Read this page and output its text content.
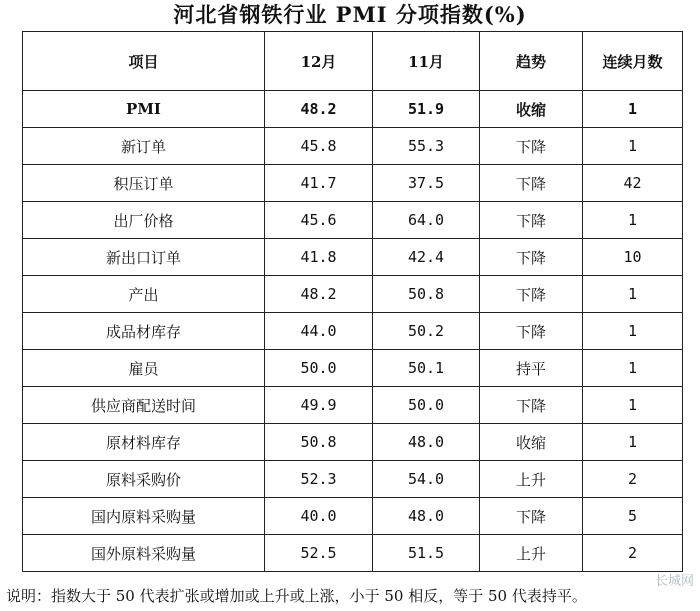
河北省钢铁行业 PMI 分项指数(%)
项目	12月	11月	趋势	连续月数
PMI	48.2	51.9	收缩	1
新订单	45.8	55.3	下降	1
积压订单	41.7	37.5	下降	42
出厂价格	45.6	64.0	下降	1
新出口订单	41.8	42.4	下降	10
产出	48.2	50.8	下降	1
成品材库存	44.0	50.2	下降	1
雇员	50.0	50.1	持平	1
供应商配送时间	49.9	50.0	下降	1
原材料库存	50.8	48.0	收缩	1
原料采购价	52.3	54.0	上升	2
国内原料采购量	40.0	48.0	下降	5
国外原料采购量	52.5	51.5	上升	2
说明：指数大于 50 代表扩张或增加或上升或上涨，小于 50 相反，等于 50 代表持平。
长城网
